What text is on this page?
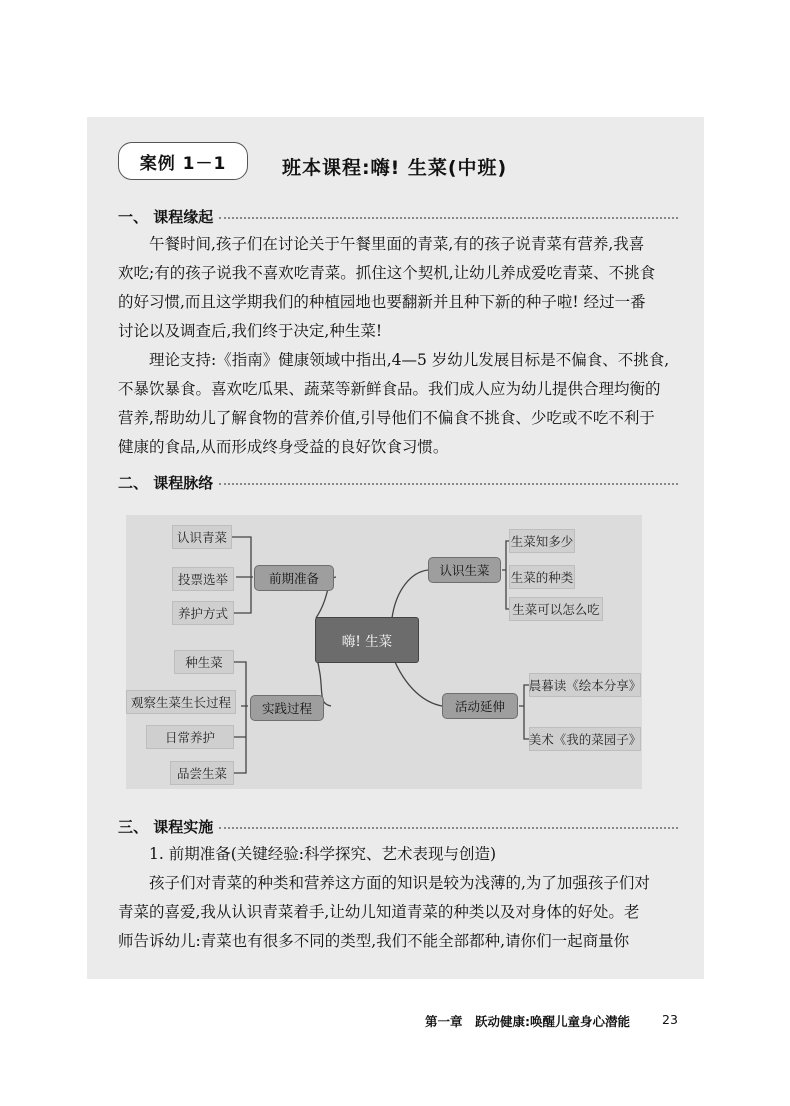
案例 1－1	班本课程:嗨! 生菜(中班)
一、 课程缘起
午餐时间,孩子们在讨论关于午餐里面的青菜,有的孩子说青菜有营养,我喜
欢吃;有的孩子说我不喜欢吃青菜。抓住这个契机,让幼儿养成爱吃青菜、不挑食
的好习惯,而且这学期我们的种植园地也要翻新并且种下新的种子啦! 经过一番
讨论以及调查后,我们终于决定,种生菜!
理论支持:《指南》健康领域中指出,4—5 岁幼儿发展目标是不偏食、不挑食,
不暴饮暴食。喜欢吃瓜果、蔬菜等新鲜食品。我们成人应为幼儿提供合理均衡的
营养,帮助幼儿了解食物的营养价值,引导他们不偏食不挑食、少吃或不吃不利于
健康的食品,从而形成终身受益的良好饮食习惯。
二、 课程脉络
嗨! 生菜
前期准备
认识生菜
实践过程	活动延伸
认识青菜
投票选举
养护方式
生菜知多少
生菜的种类
生菜可以怎么吃
种生菜
观察生菜生长过程
日常养护
品尝生菜
晨暮读《绘本分享》
美术《我的菜园子》
三、 课程实施
1. 前期准备(关键经验:科学探究、艺术表现与创造)
孩子们对青菜的种类和营养这方面的知识是较为浅薄的,为了加强孩子们对
青菜的喜爱,我从认识青菜着手,让幼儿知道青菜的种类以及对身体的好处。老
师告诉幼儿:青菜也有很多不同的类型,我们不能全部都种,请你们一起商量你
第一章　跃动健康:唤醒儿童身心潜能	23
